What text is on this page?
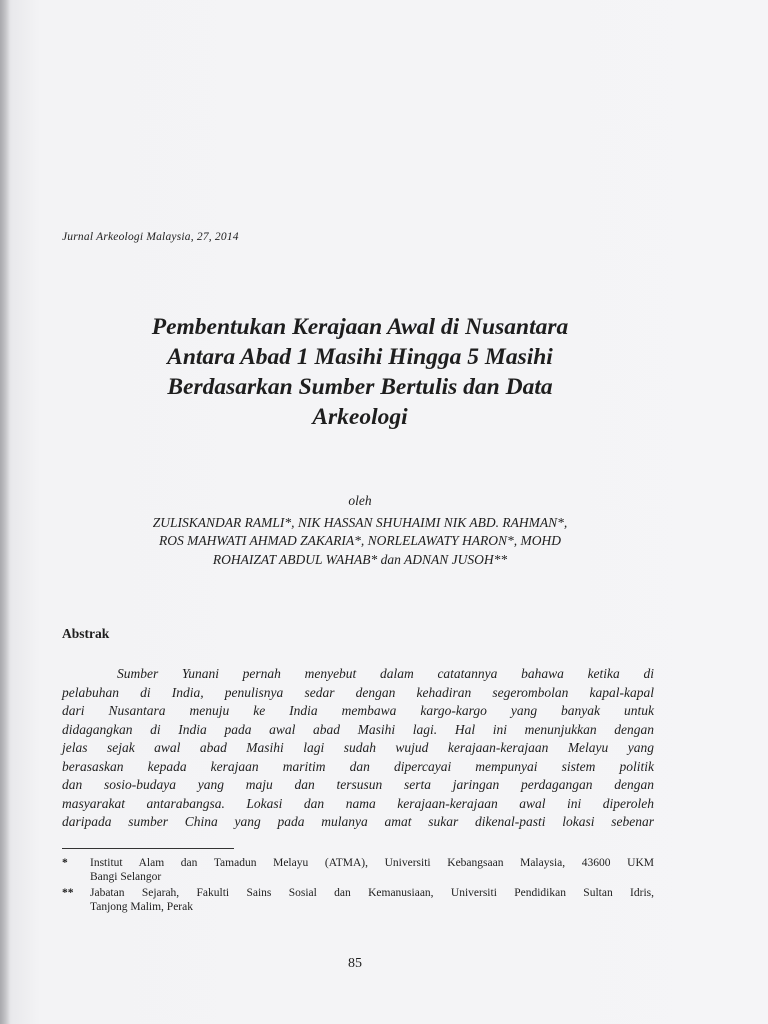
Jurnal Arkeologi Malaysia, 27, 2014
Pembentukan Kerajaan Awal di Nusantara
Antara Abad 1 Masihi Hingga 5 Masihi
Berdasarkan Sumber Bertulis dan Data
Arkeologi
oleh
ZULISKANDAR RAMLI*, NIK HASSAN SHUHAIMI NIK ABD. RAHMAN*,
ROS MAHWATI AHMAD ZAKARIA*, NORLELAWATY HARON*, MOHD
ROHAIZAT ABDUL WAHAB* dan ADNAN JUSOH**
Abstrak
Sumber Yunani pernah menyebut dalam catatannya bahawa ketika di
pelabuhan di India, penulisnya sedar dengan kehadiran segerombolan kapal-kapal
dari Nusantara menuju ke India membawa kargo-kargo yang banyak untuk
didagangkan di India pada awal abad Masihi lagi. Hal ini menunjukkan dengan
jelas sejak awal abad Masihi lagi sudah wujud kerajaan-kerajaan Melayu yang
berasaskan kepada kerajaan maritim dan dipercayai mempunyai sistem politik
dan sosio-budaya yang maju dan tersusun serta jaringan perdagangan dengan
masyarakat antarabangsa. Lokasi dan nama kerajaan-kerajaan awal ini diperoleh
daripada sumber China yang pada mulanya amat sukar dikenal-pasti lokasi sebenar
* Institut Alam dan Tamadun Melayu (ATMA), Universiti Kebangsaan Malaysia, 43600 UKM
Bangi Selangor
** Jabatan Sejarah, Fakulti Sains Sosial dan Kemanusiaan, Universiti Pendidikan Sultan Idris,
Tanjong Malim, Perak
85
